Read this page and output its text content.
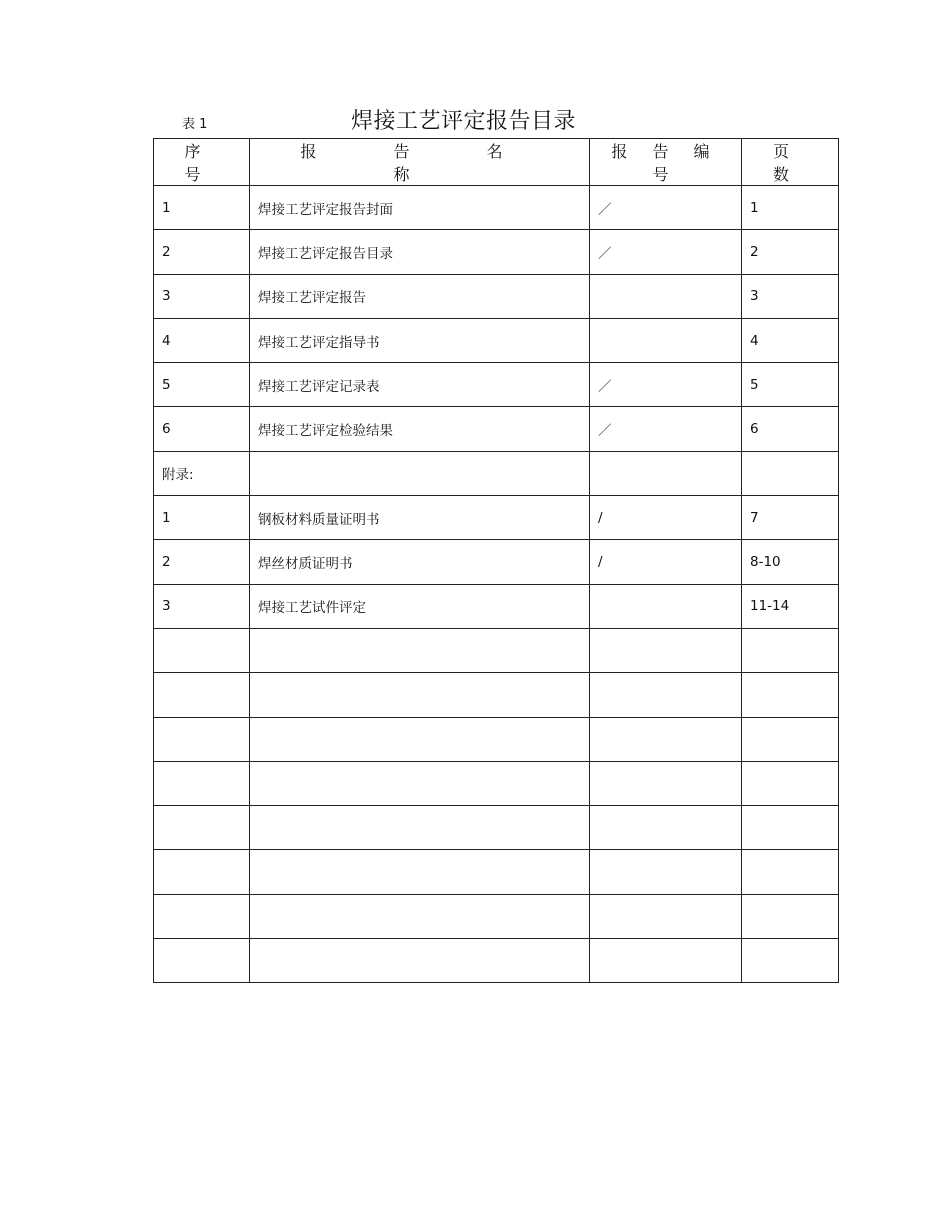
表 1	焊接工艺评定报告目录
序 号	报 告 名 称	报 告 编 号	页 数
1	焊接工艺评定报告封面	／	1
2	焊接工艺评定报告目录	／	2
3	焊接工艺评定报告		3
4	焊接工艺评定指导书		4
5	焊接工艺评定记录表	／	5
6	焊接工艺评定检验结果	／	6
附录:			
1	钢板材料质量证明书	/	7
2	焊丝材质证明书	/	8-10
3	焊接工艺试件评定		11-14
